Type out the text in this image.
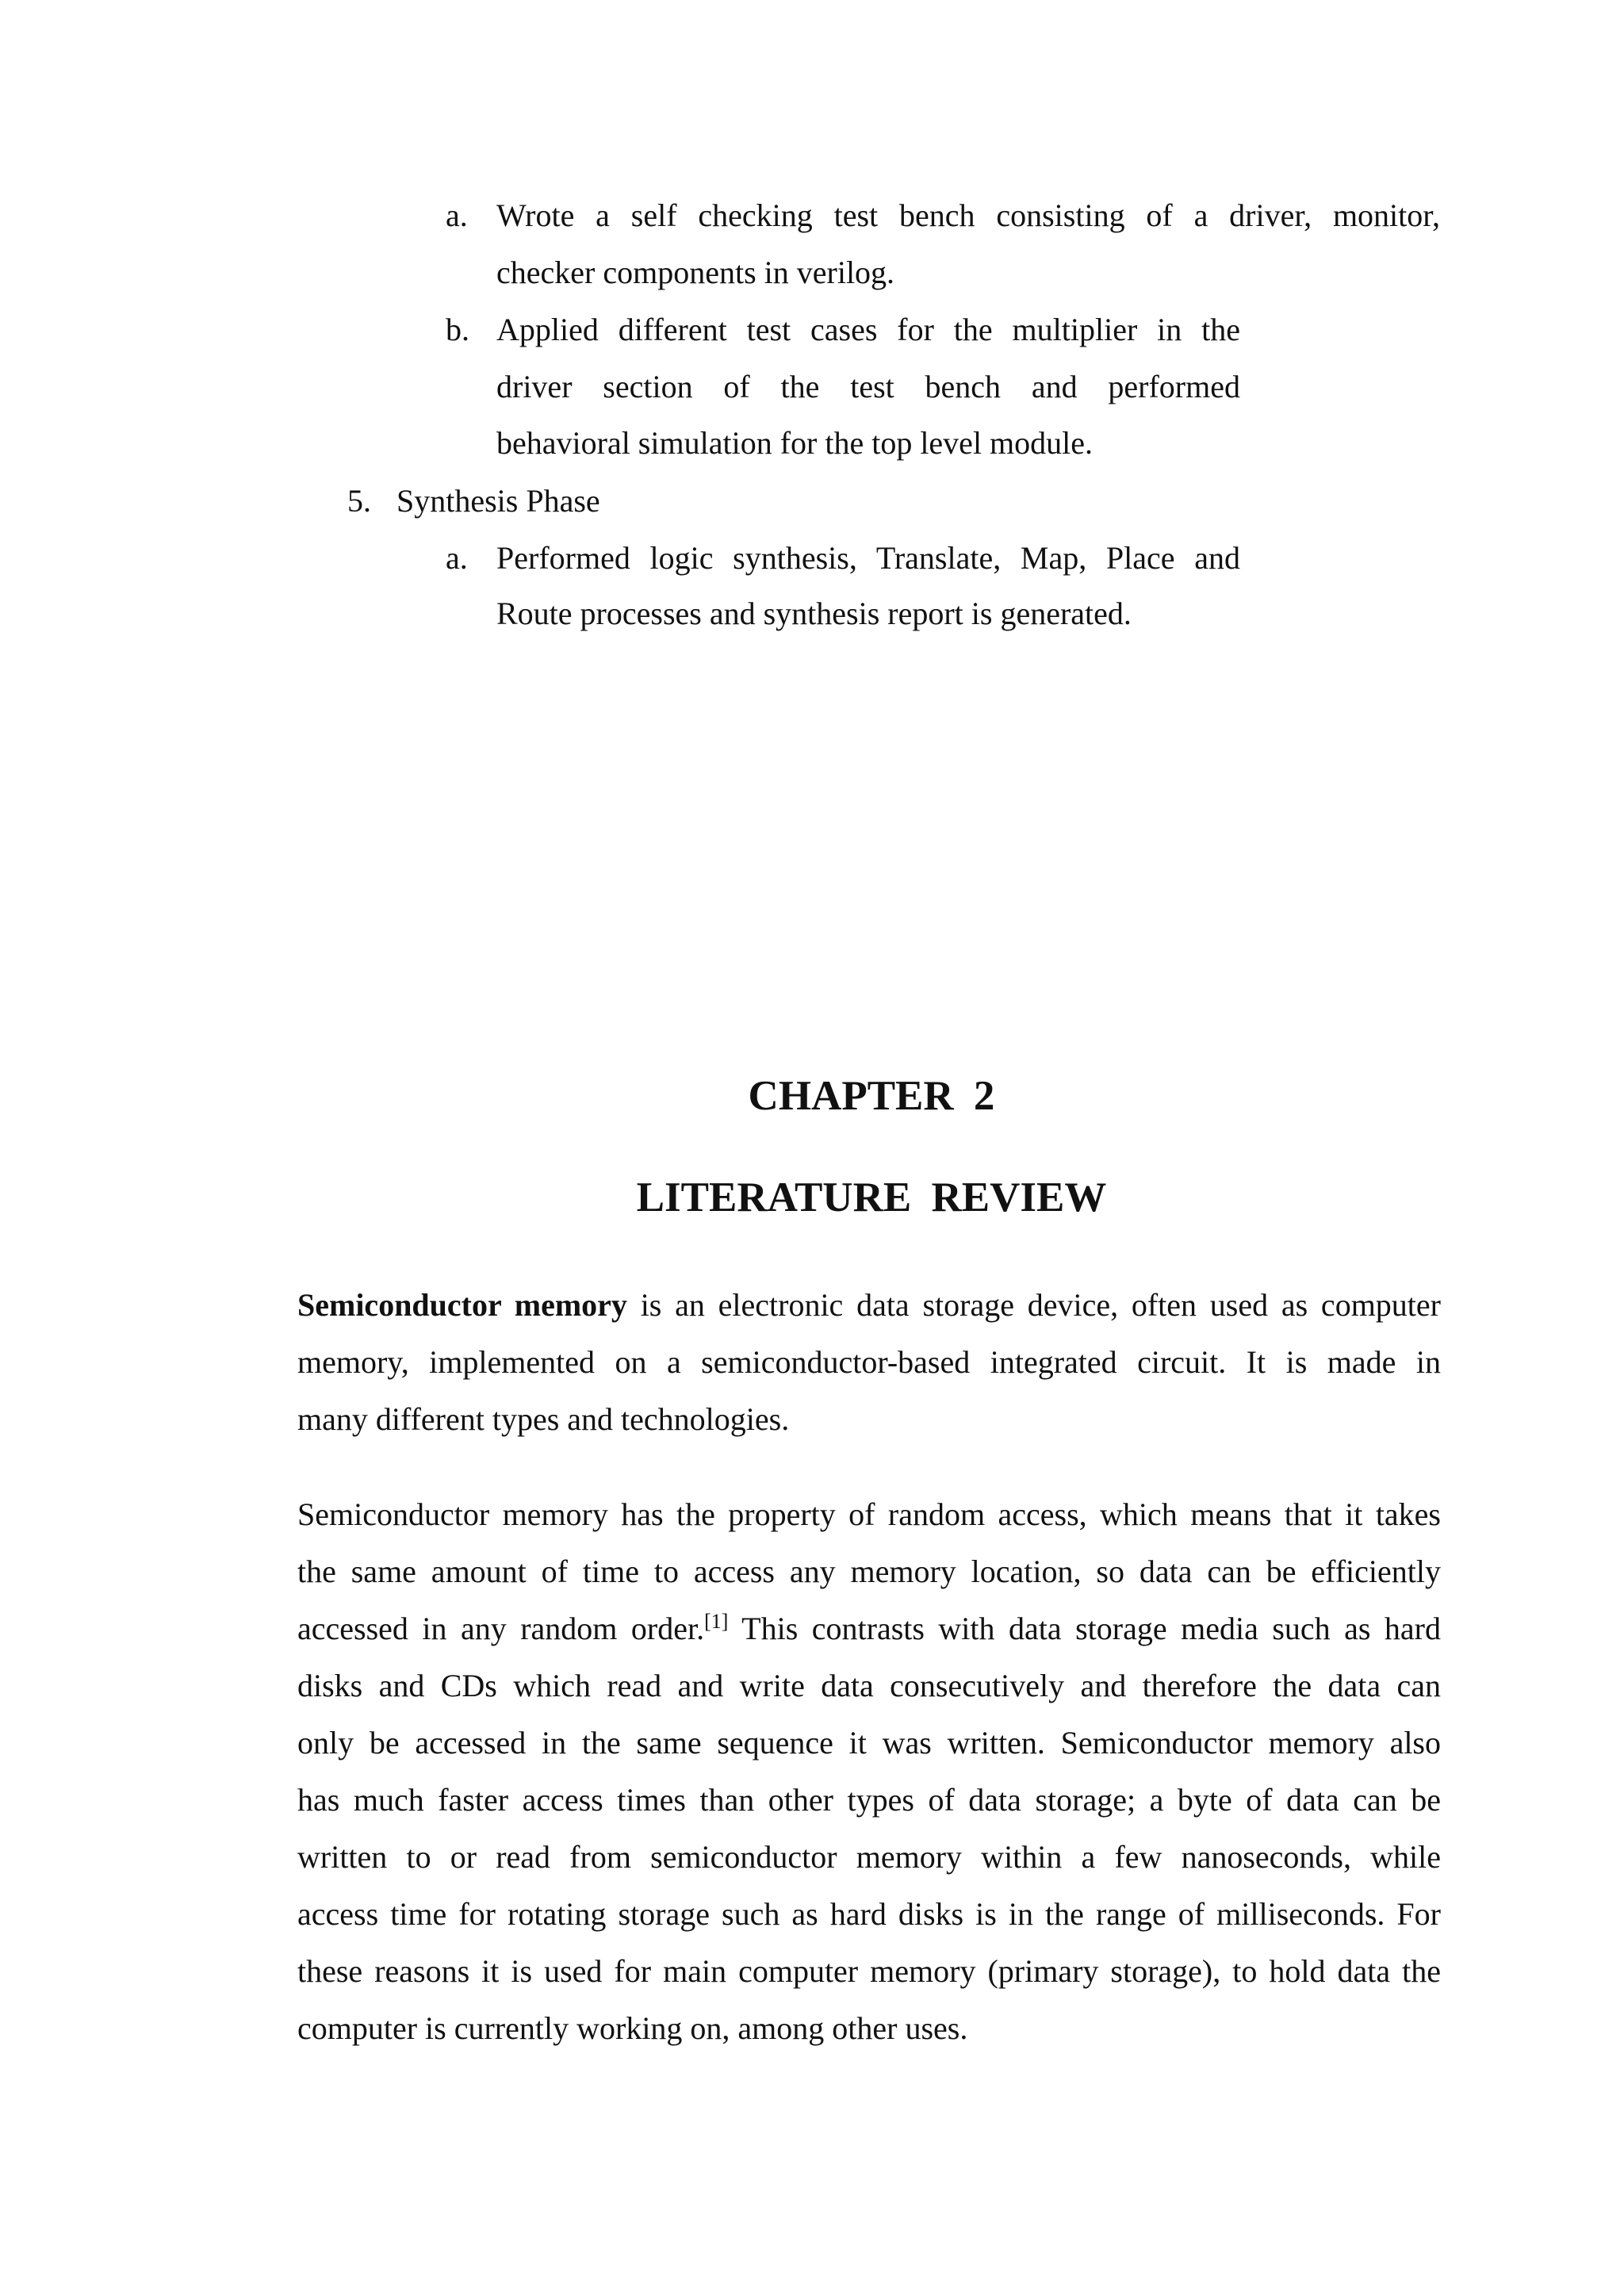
a. Wrote a self checking test bench consisting of a driver, monitor,
checker components in verilog.
b. Applied different test cases for the multiplier in the
driver section of the test bench and performed
behavioral simulation for the top level module.
5. Synthesis Phase
a. Performed logic synthesis, Translate, Map, Place and
Route processes and synthesis report is generated.
CHAPTER 2
LITERATURE REVIEW
Semiconductor memory is an electronic data storage device, often used as computer
memory, implemented on a semiconductor-based integrated circuit. It is made in
many different types and technologies.
Semiconductor memory has the property of random access, which means that it takes
the same amount of time to access any memory location, so data can be efficiently
accessed in any random order.[1] This contrasts with data storage media such as hard
disks and CDs which read and write data consecutively and therefore the data can
only be accessed in the same sequence it was written. Semiconductor memory also
has much faster access times than other types of data storage; a byte of data can be
written to or read from semiconductor memory within a few nanoseconds, while
access time for rotating storage such as hard disks is in the range of milliseconds. For
these reasons it is used for main computer memory (primary storage), to hold data the
computer is currently working on, among other uses.
